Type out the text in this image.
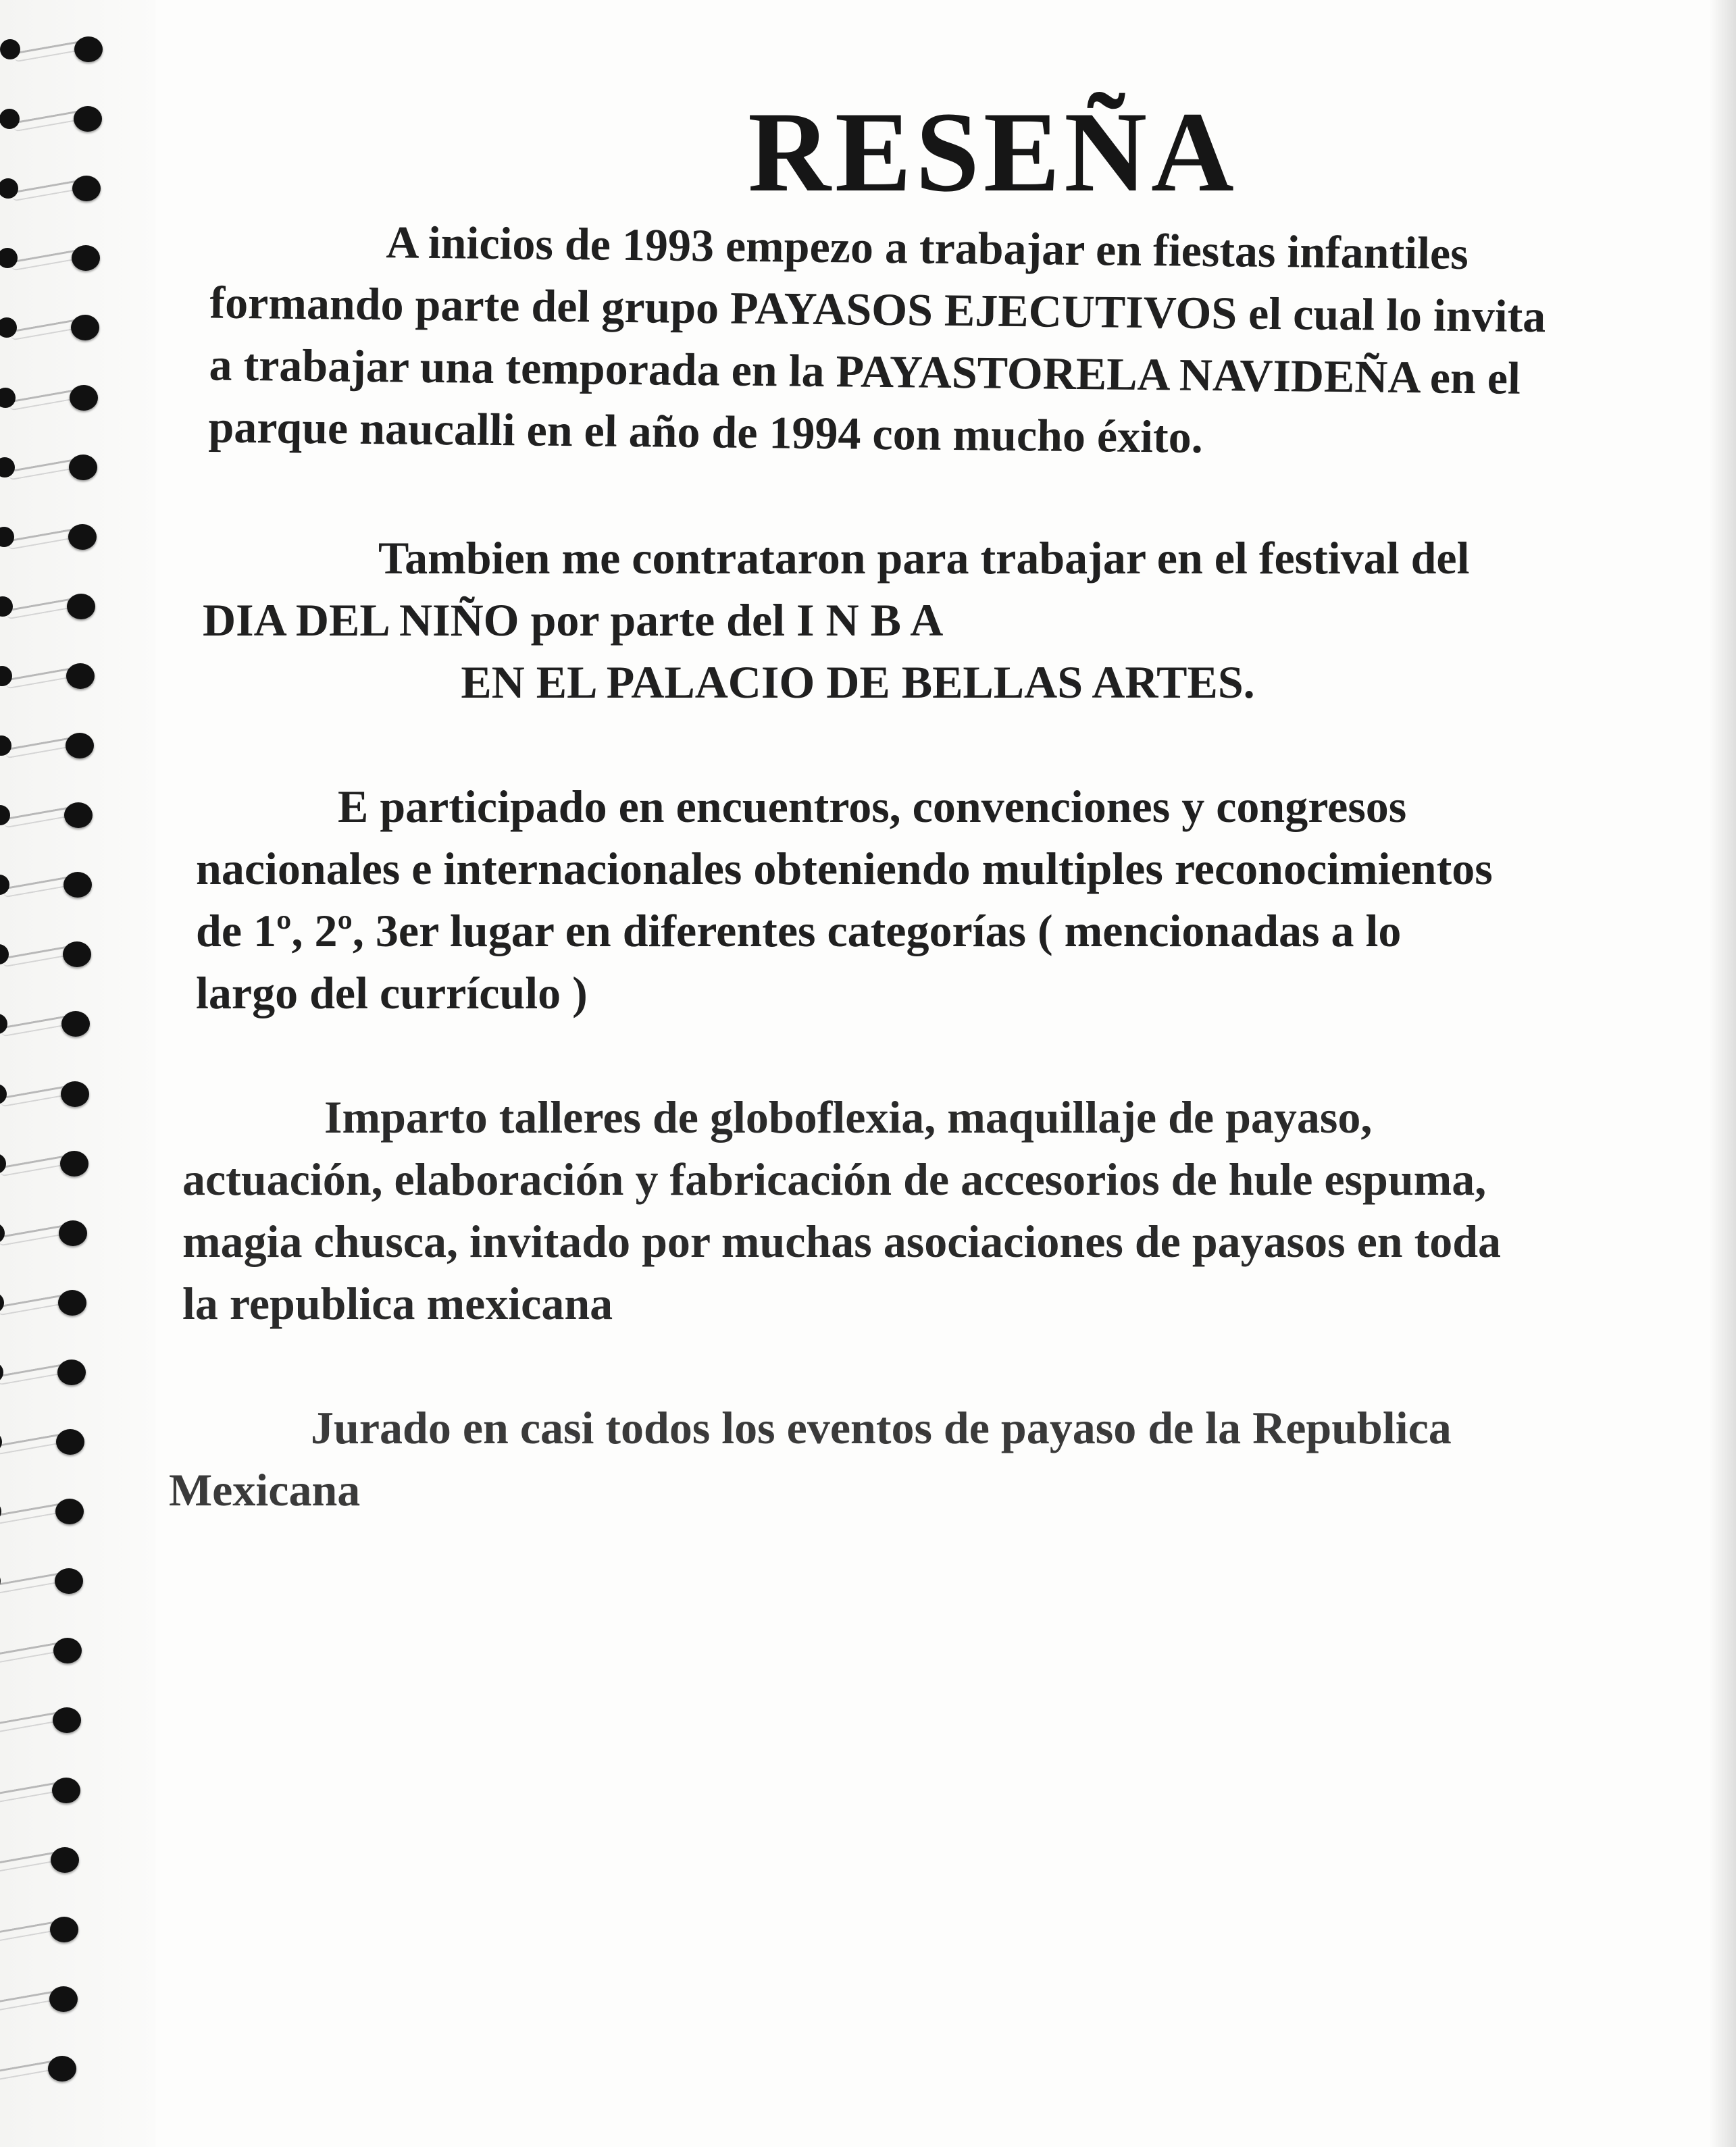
RESEÑA

A inicios de 1993 empezo a trabajar en fiestas infantiles formando parte del grupo PAYASOS EJECUTIVOS el cual lo invita a trabajar una temporada en la PAYASTORELA NAVIDEÑA en el parque naucalli en el año de 1994 con mucho éxito.

Tambien me contrataron para trabajar en el festival del DIA DEL NIÑO por parte del I N B A
EN EL PALACIO DE BELLAS ARTES.

E participado en encuentros, convenciones y congresos nacionales e internacionales obteniendo multiples reconocimientos de 1º, 2º, 3er lugar en diferentes categorías ( mencionadas a lo largo del currículo )

Imparto talleres de globoflexia, maquillaje de payaso, actuación, elaboración y fabricación de accesorios de hule espuma, magia chusca, invitado por muchas asociaciones de payasos en toda la republica mexicana

Jurado en casi todos los eventos de payaso de la Republica Mexicana
